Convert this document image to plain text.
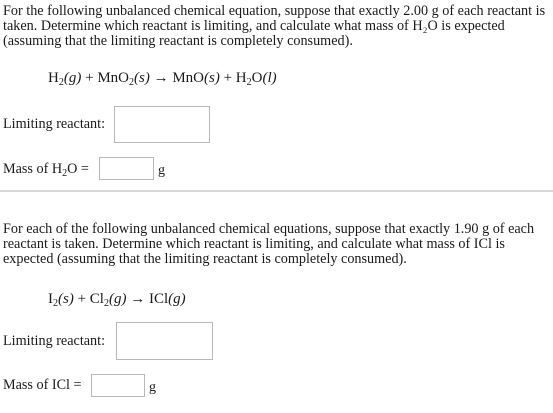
For the following unbalanced chemical equation, suppose that exactly 2.00 g of each reactant is taken. Determine which reactant is limiting, and calculate what mass of H₂O is expected (assuming that the limiting reactant is completely consumed).
$H_2(g) + MnO_2(s) \to MnO(s) + H_2O(l)$
Limiting reactant:
Mass of $H_2O$ =	g
For each of the following unbalanced chemical equations, suppose that exactly 1.90 g of each reactant is taken. Determine which reactant is limiting, and calculate what mass of ICl is expected (assuming that the limiting reactant is completely consumed).
$I_2(s) + Cl_2(g) \to ICl(g)$
Limiting reactant:
Mass of ICl =	g
